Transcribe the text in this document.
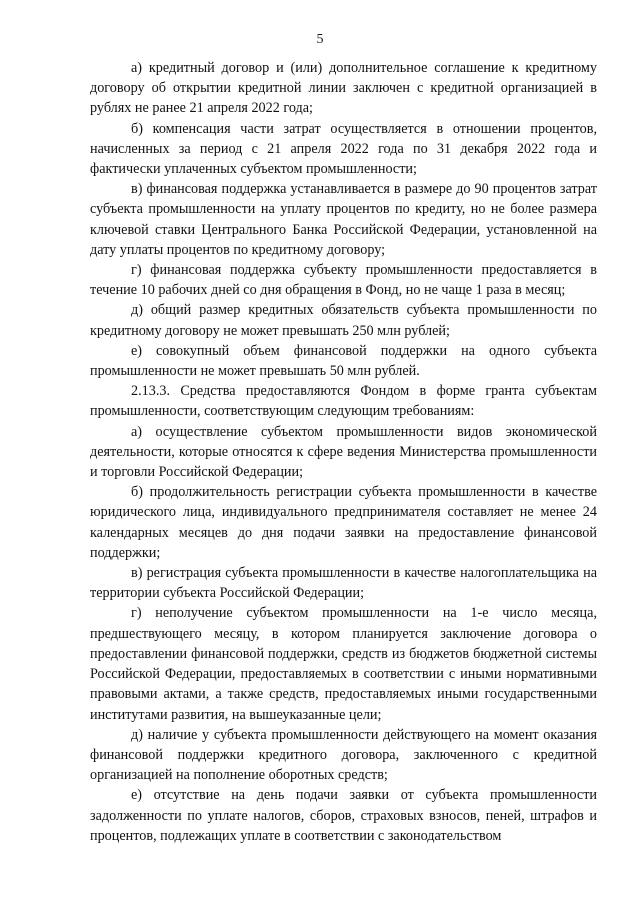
5

а) кредитный договор и (или) дополнительное соглашение к кредитному договору об открытии кредитной линии заключен с кредитной организацией в рублях не ранее 21 апреля 2022 года;

б) компенсация части затрат осуществляется в отношении процентов, начисленных за период с 21 апреля 2022 года по 31 декабря 2022 года и фактически уплаченных субъектом промышленности;

в) финансовая поддержка устанавливается в размере до 90 процентов затрат субъекта промышленности на уплату процентов по кредиту, но не более размера ключевой ставки Центрального Банка Российской Федерации, установленной на дату уплаты процентов по кредитному договору;

г) финансовая поддержка субъекту промышленности предоставляется в течение 10 рабочих дней со дня обращения в Фонд, но не чаще 1 раза в месяц;

д) общий размер кредитных обязательств субъекта промышленности по кредитному договору не может превышать 250 млн рублей;

е) совокупный объем финансовой поддержки на одного субъекта промышленности не может превышать 50 млн рублей.

2.13.3. Средства предоставляются Фондом в форме гранта субъектам промышленности, соответствующим следующим требованиям:

а) осуществление субъектом промышленности видов экономической деятельности, которые относятся к сфере ведения Министерства промышленности и торговли Российской Федерации;

б) продолжительность регистрации субъекта промышленности в качестве юридического лица, индивидуального предпринимателя составляет не менее 24 календарных месяцев до дня подачи заявки на предоставление финансовой поддержки;

в) регистрация субъекта промышленности в качестве налогоплательщика на территории субъекта Российской Федерации;

г) неполучение субъектом промышленности на 1-е число месяца, предшествующего месяцу, в котором планируется заключение договора о предоставлении финансовой поддержки, средств из бюджетов бюджетной системы Российской Федерации, предоставляемых в соответствии с иными нормативными правовыми актами, а также средств, предоставляемых иными государственными институтами развития, на вышеуказанные цели;

д) наличие у субъекта промышленности действующего на момент оказания финансовой поддержки кредитного договора, заключенного с кредитной организацией на пополнение оборотных средств;

е) отсутствие на день подачи заявки от субъекта промышленности задолженности по уплате налогов, сборов, страховых взносов, пеней, штрафов и процентов, подлежащих уплате в соответствии с законодательством
